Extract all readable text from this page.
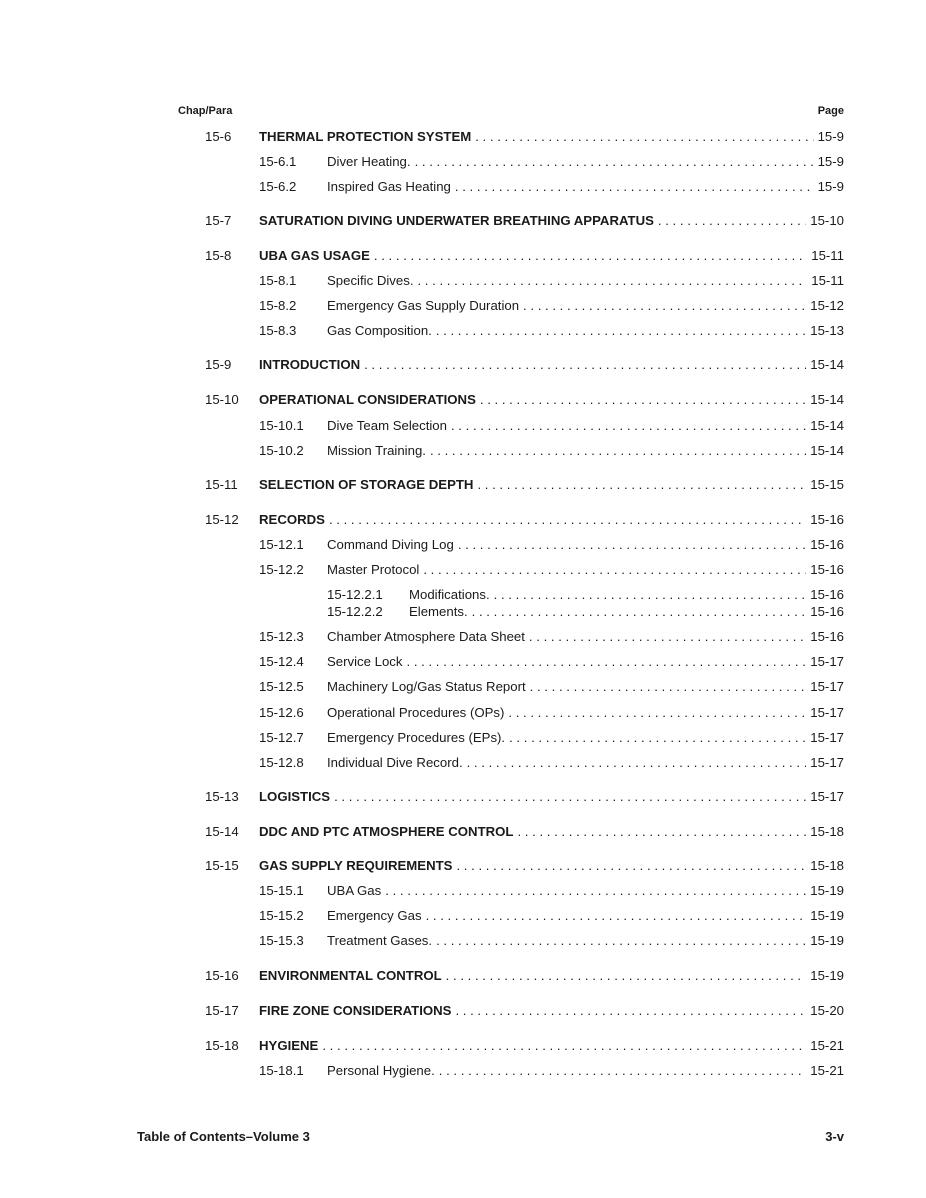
Chap/Para	Page
15-6	THERMAL PROTECTION SYSTEM . . .	15-9
15-6.1	Diver Heating. . . .	15-9
15-6.2	Inspired Gas Heating . . .	15-9
15-7	SATURATION DIVING UNDERWATER BREATHING APPARATUS . . .	15-10
15-8	UBA GAS USAGE . . .	15-11
15-8.1	Specific Dives. . . .	15-11
15-8.2	Emergency Gas Supply Duration . . .	15-12
15-8.3	Gas Composition. . . .	15-13
15-9	INTRODUCTION . . .	15-14
15-10	OPERATIONAL CONSIDERATIONS . . .	15-14
15-10.1	Dive Team Selection . . .	15-14
15-10.2	Mission Training. . . .	15-14
15-11	SELECTION OF STORAGE DEPTH . . .	15-15
15-12	RECORDS . . .	15-16
15-12.1	Command Diving Log . . .	15-16
15-12.2	Master Protocol . . .	15-16
15-12.2.1	Modifications. . . .	15-16
15-12.2.2	Elements. . . .	15-16
15-12.3	Chamber Atmosphere Data Sheet . . .	15-16
15-12.4	Service Lock . . .	15-17
15-12.5	Machinery Log/Gas Status Report . . .	15-17
15-12.6	Operational Procedures (OPs) . . .	15-17
15-12.7	Emergency Procedures (EPs). . . .	15-17
15-12.8	Individual Dive Record. . . .	15-17
15-13	LOGISTICS . . .	15-17
15-14	DDC AND PTC ATMOSPHERE CONTROL . . .	15-18
15-15	GAS SUPPLY REQUIREMENTS . . .	15-18
15-15.1	UBA Gas . . .	15-19
15-15.2	Emergency Gas . . .	15-19
15-15.3	Treatment Gases. . . .	15-19
15-16	ENVIRONMENTAL CONTROL . . .	15-19
15-17	FIRE ZONE CONSIDERATIONS . . .	15-20
15-18	HYGIENE . . .	15-21
15-18.1	Personal Hygiene. . . .	15-21
Table of Contents–Volume 3	3-v
